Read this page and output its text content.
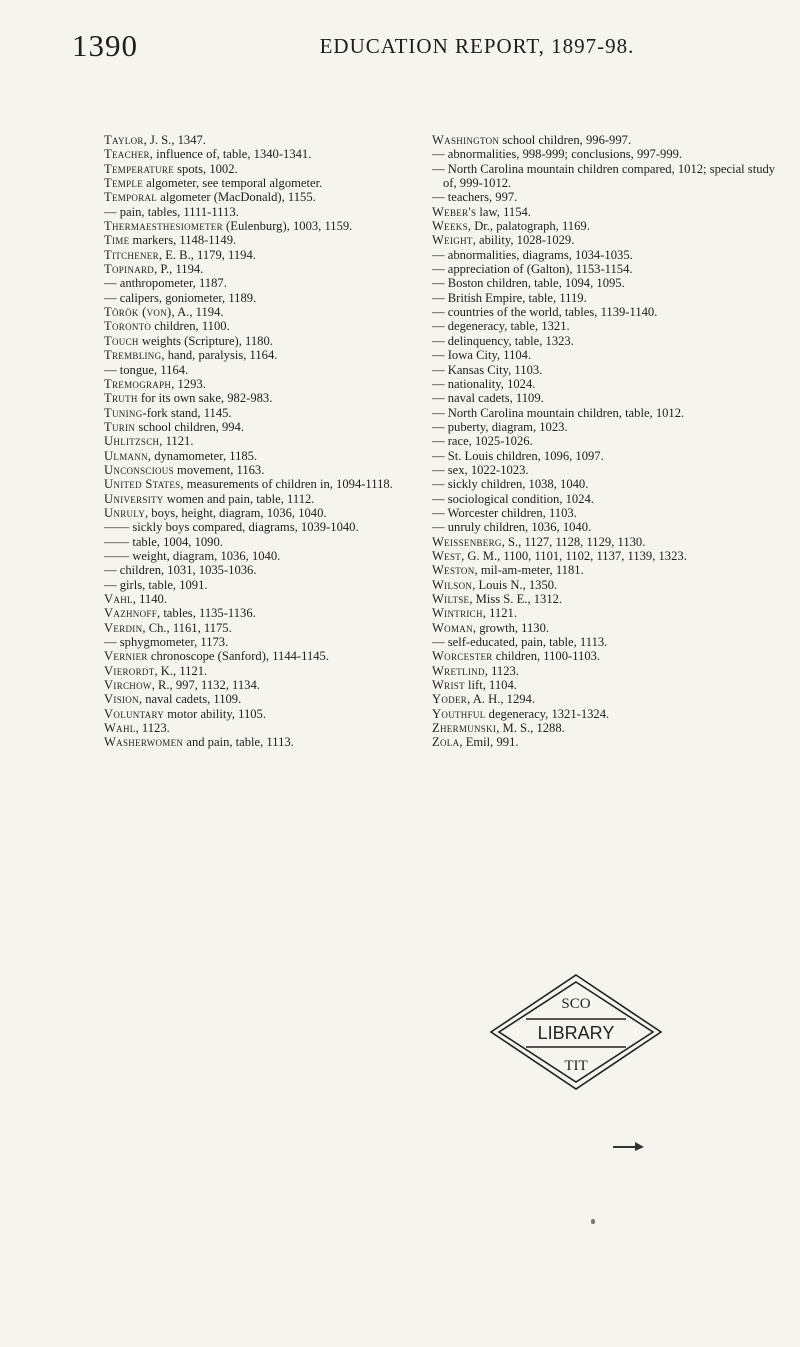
1390	EDUCATION REPORT, 1897-98.
Taylor, J. S., 1347.
Teacher, influence of, table, 1340-1341.
Temperature spots, 1002.
Temple algometer, see temporal algometer.
Temporal algometer (MacDonald), 1155.
— pain, tables, 1111-1113.
Thermaesthesiometer (Eulenburg), 1003, 1159.
Time markers, 1148-1149.
Titchener, E. B., 1179, 1194.
Topinard, P., 1194.
— anthropometer, 1187.
— calipers, goniometer, 1189.
Török (von), A., 1194.
Toronto children, 1100.
Touch weights (Scripture), 1180.
Trembling, hand, paralysis, 1164.
— tongue, 1164.
Tremograph, 1293.
Truth for its own sake, 982-983.
Tuning-fork stand, 1145.
Turin school children, 994.
Uhlitzsch, 1121.
Ulmann, dynamometer, 1185.
Unconscious movement, 1163.
United States, measurements of children in, 1094-1118.
University women and pain, table, 1112.
Unruly, boys, height, diagram, 1036, 1040.
—— sickly boys compared, diagrams, 1039-1040.
—— table, 1004, 1090.
—— weight, diagram, 1036, 1040.
— children, 1031, 1035-1036.
— girls, table, 1091.
Vahl, 1140.
Vazhnoff, tables, 1135-1136.
Verdin, Ch., 1161, 1175.
— sphygmometer, 1173.
Vernier chronoscope (Sanford), 1144-1145.
Vierordt, K., 1121.
Virchow, R., 997, 1132, 1134.
Vision, naval cadets, 1109.
Voluntary motor ability, 1105.
Wahl, 1123.
Washerwomen and pain, table, 1113.
Washington school children, 996-997.
— abnormalities, 998-999; conclusions, 997-999.
— North Carolina mountain children compared, 1012; special study of, 999-1012.
— teachers, 997.
Weber's law, 1154.
Weeks, Dr., palatograph, 1169.
Weight, ability, 1028-1029.
— abnormalities, diagrams, 1034-1035.
— appreciation of (Galton), 1153-1154.
— Boston children, table, 1094, 1095.
— British Empire, table, 1119.
— countries of the world, tables, 1139-1140.
— degeneracy, table, 1321.
— delinquency, table, 1323.
— Iowa City, 1104.
— Kansas City, 1103.
— nationality, 1024.
— naval cadets, 1109.
— North Carolina mountain children, table, 1012.
— puberty, diagram, 1023.
— race, 1025-1026.
— St. Louis children, 1096, 1097.
— sex, 1022-1023.
— sickly children, 1038, 1040.
— sociological condition, 1024.
— Worcester children, 1103.
— unruly children, 1036, 1040.
Weissenberg, S., 1127, 1128, 1129, 1130.
West, G. M., 1100, 1101, 1102, 1137, 1139, 1323.
Weston, mil-am-meter, 1181.
Wilson, Louis N., 1350.
Wiltse, Miss S. E., 1312.
Wintrich, 1121.
Woman, growth, 1130.
— self-educated, pain, table, 1113.
Worcester children, 1100-1103.
Wretlind, 1123.
Wrist lift, 1104.
Yoder, A. H., 1294.
Youthful degeneracy, 1321-1324.
Zhermunski, M. S., 1288.
Zola, Emil, 991.
SCO
LIBRARY
TIT
